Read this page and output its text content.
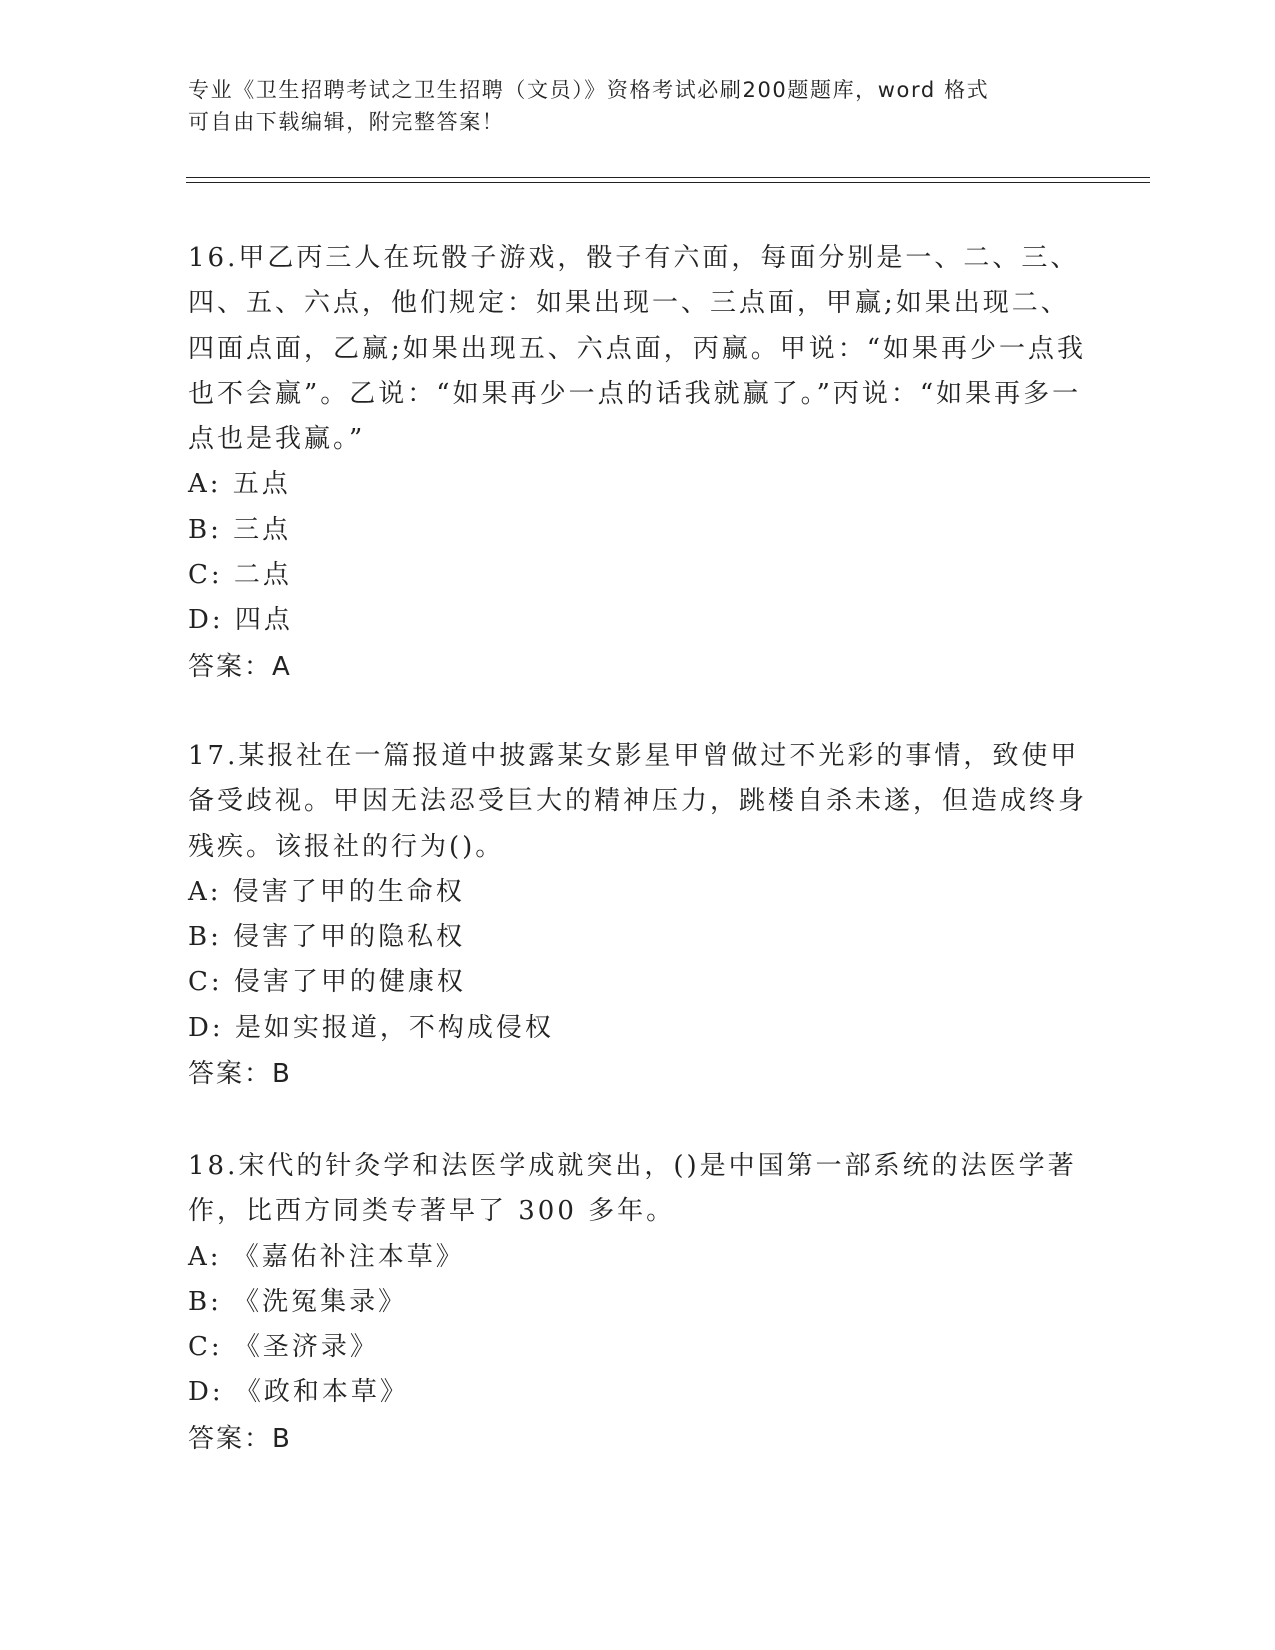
专业《卫生招聘考试之卫生招聘（文员）》资格考试必刷200题题库，word 格式
可自由下载编辑，附完整答案！
16.甲乙丙三人在玩骰子游戏，骰子有六面，每面分别是一、二、三、四、五、六点，他们规定：如果出现一、三点面，甲赢;如果出现二、四面点面，乙赢;如果出现五、六点面，丙赢。甲说：“如果再少一点我也不会赢”。乙说：“如果再少一点的话我就赢了。”丙说：“如果再多一点也是我赢。”
A: 五点
B: 三点
C: 二点
D: 四点
答案：A
17.某报社在一篇报道中披露某女影星甲曾做过不光彩的事情，致使甲备受歧视。甲因无法忍受巨大的精神压力，跳楼自杀未遂，但造成终身残疾。该报社的行为()。
A: 侵害了甲的生命权
B: 侵害了甲的隐私权
C: 侵害了甲的健康权
D: 是如实报道，不构成侵权
答案：B
18.宋代的针灸学和法医学成就突出，()是中国第一部系统的法医学著作，比西方同类专著早了 300 多年。
A: 《嘉佑补注本草》
B: 《洗冤集录》
C: 《圣济录》
D: 《政和本草》
答案：B
